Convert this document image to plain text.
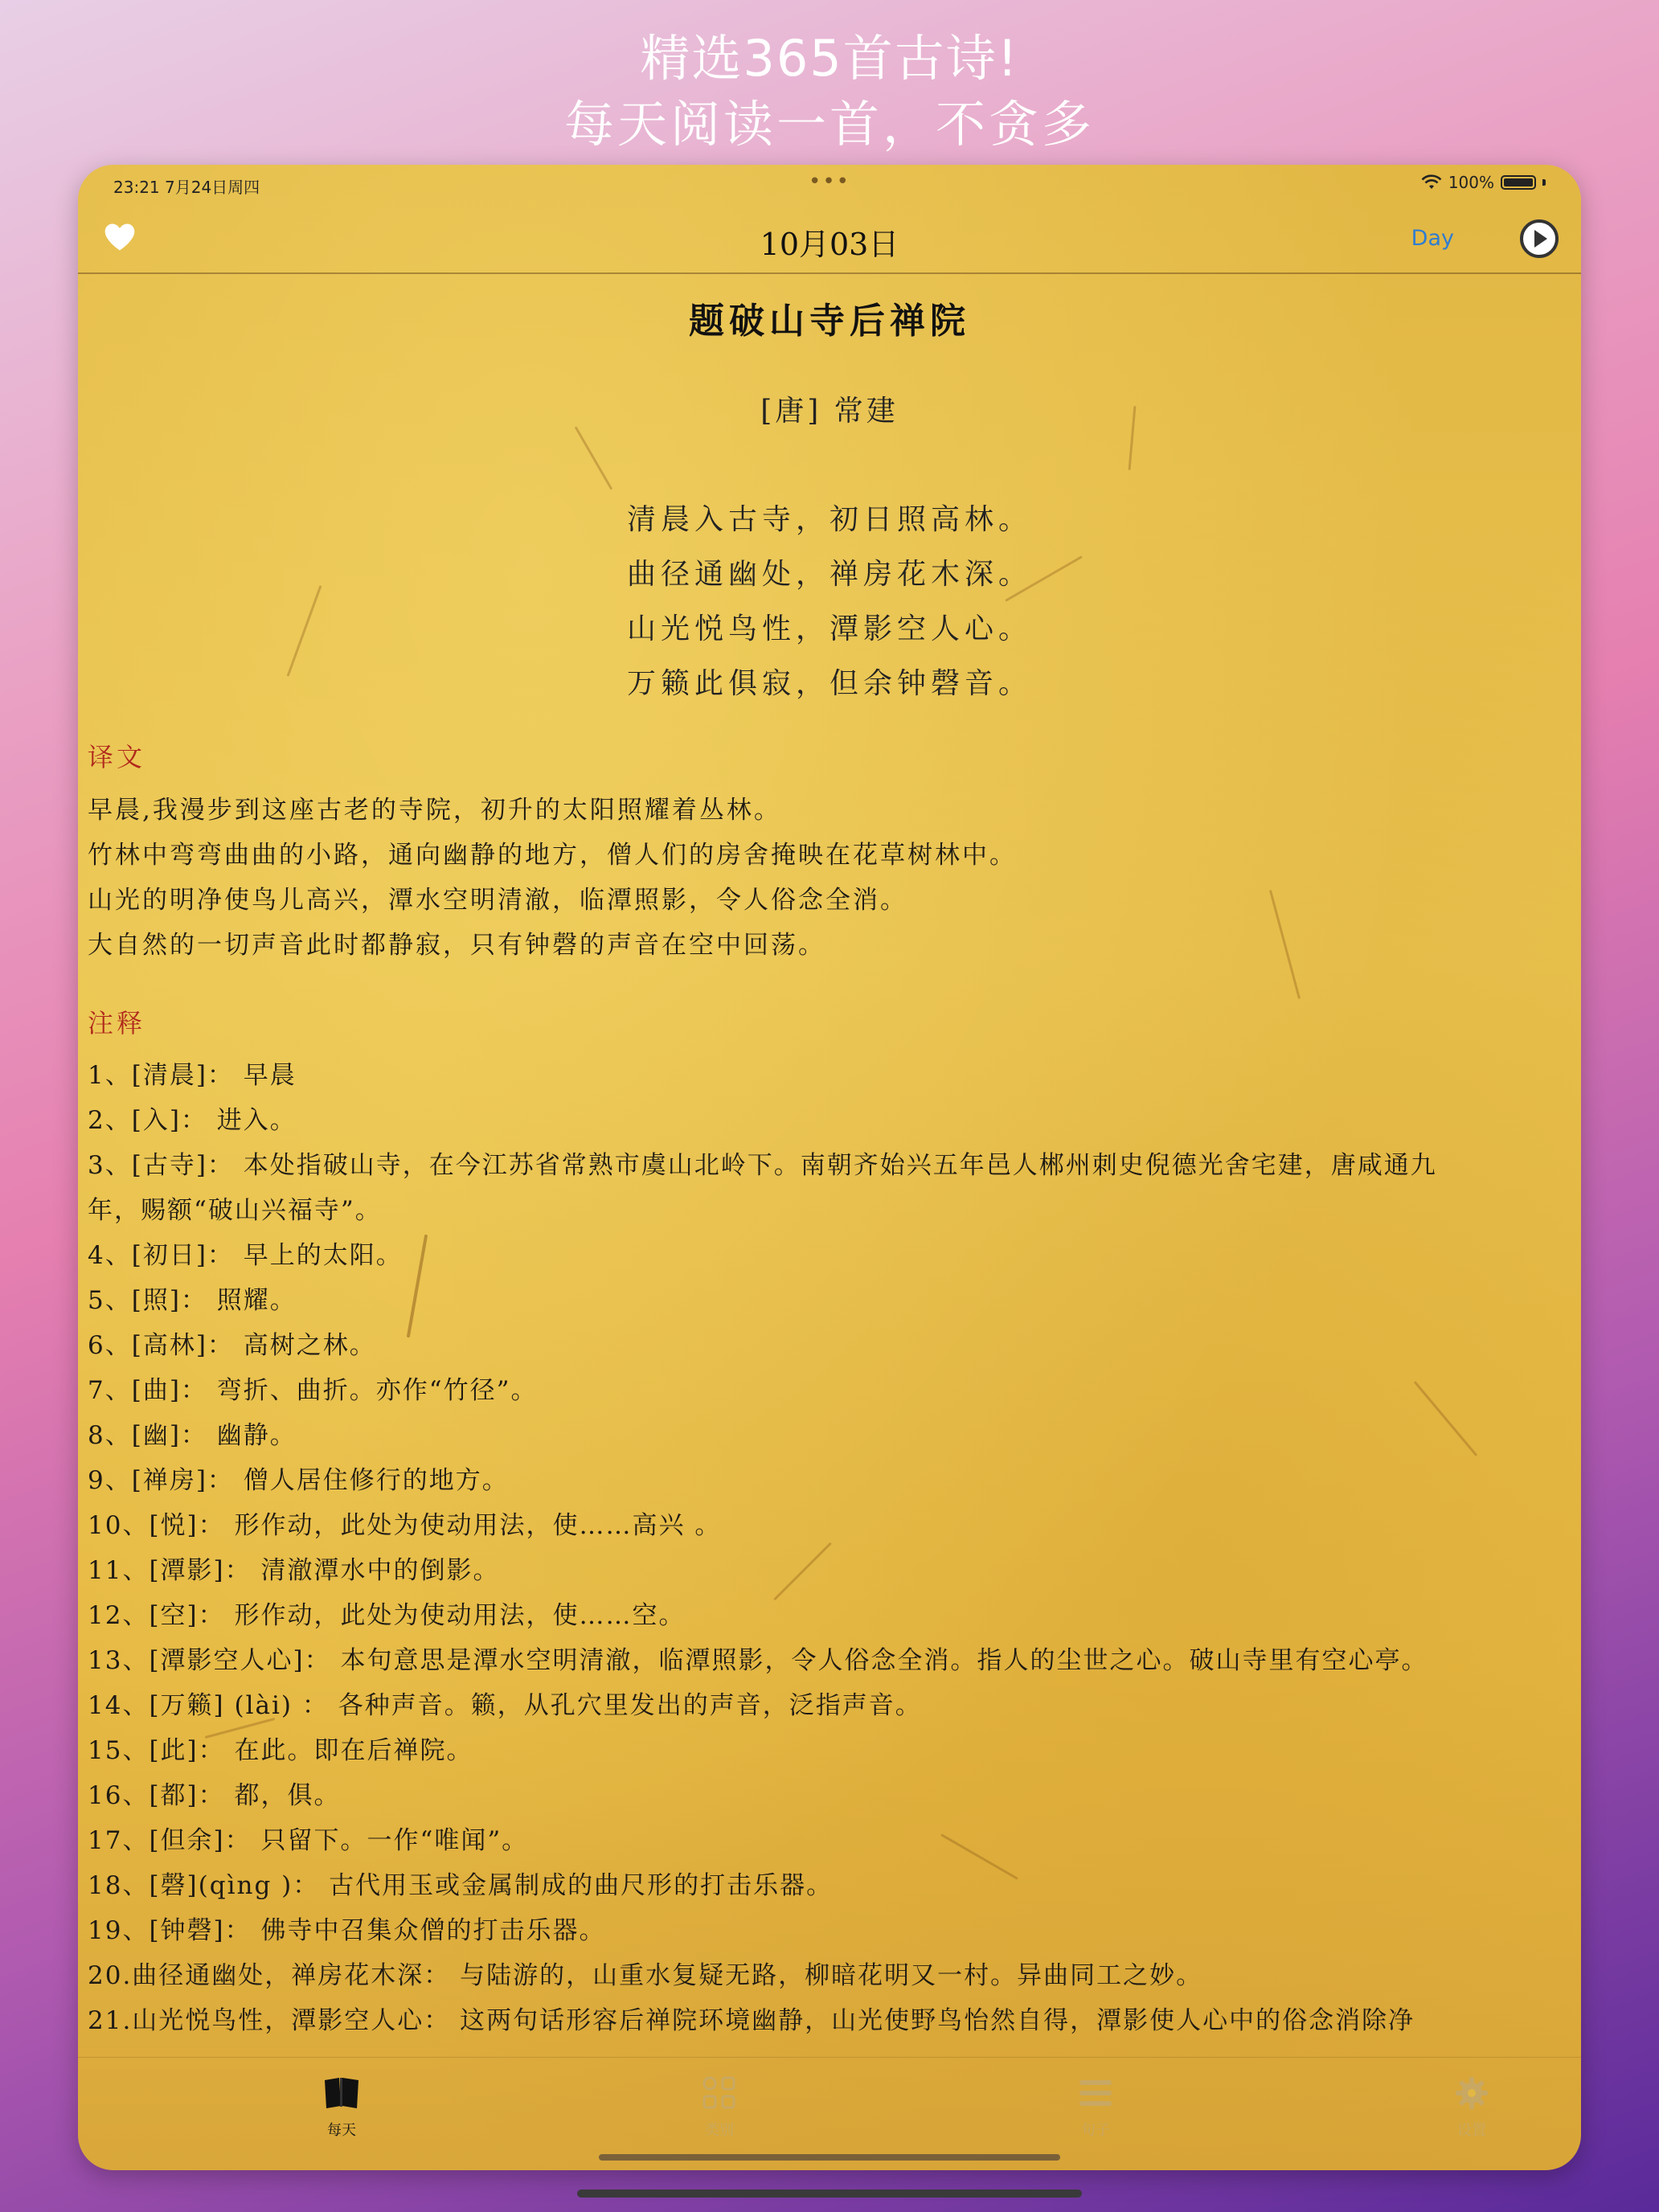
精选365首古诗!
每天阅读一首，不贪多
23:21 7月24日周四	•••	100%
10月03日	Day
题破山寺后禅院
[唐] 常建
清晨入古寺，初日照高林。
曲径通幽处，禅房花木深。
山光悦鸟性，潭影空人心。
万籁此俱寂，但余钟磬音。
译文
早晨,我漫步到这座古老的寺院，初升的太阳照耀着丛林。
竹林中弯弯曲曲的小路，通向幽静的地方，僧人们的房舍掩映在花草树林中。
山光的明净使鸟儿高兴，潭水空明清澈，临潭照影，令人俗念全消。
大自然的一切声音此时都静寂，只有钟磬的声音在空中回荡。
注释
1、[清晨]： 早晨
2、[入]： 进入。
3、[古寺]： 本处指破山寺，在今江苏省常熟市虞山北岭下。南朝齐始兴五年邑人郴州刺史倪德光舍宅建，唐咸通九
年，赐额“破山兴福寺”。
4、[初日]： 早上的太阳。
5、[照]： 照耀。
6、[高林]： 高树之林。
7、[曲]： 弯折、曲折。亦作“竹径”。
8、[幽]： 幽静。
9、[禅房]： 僧人居住修行的地方。
10、[悦]： 形作动，此处为使动用法，使……高兴 。
11、[潭影]： 清澈潭水中的倒影。
12、[空]： 形作动，此处为使动用法，使……空。
13、[潭影空人心]： 本句意思是潭水空明清澈，临潭照影，令人俗念全消。指人的尘世之心。破山寺里有空心亭。
14、[万籁] (lài) ： 各种声音。籁，从孔穴里发出的声音，泛指声音。
15、[此]： 在此。即在后禅院。
16、[都]： 都，俱。
17、[但余]： 只留下。一作“唯闻”。
18、[磬](qìng )： 古代用玉或金属制成的曲尺形的打击乐器。
19、[钟磬]： 佛寺中召集众僧的打击乐器。
20.曲径通幽处，禅房花木深： 与陆游的，山重水复疑无路，柳暗花明又一村。异曲同工之妙。
21.山光悦鸟性，潭影空人心： 这两句话形容后禅院环境幽静，山光使野鸟怡然自得，潭影使人心中的俗念消除净
每天	类别	句子	设置
